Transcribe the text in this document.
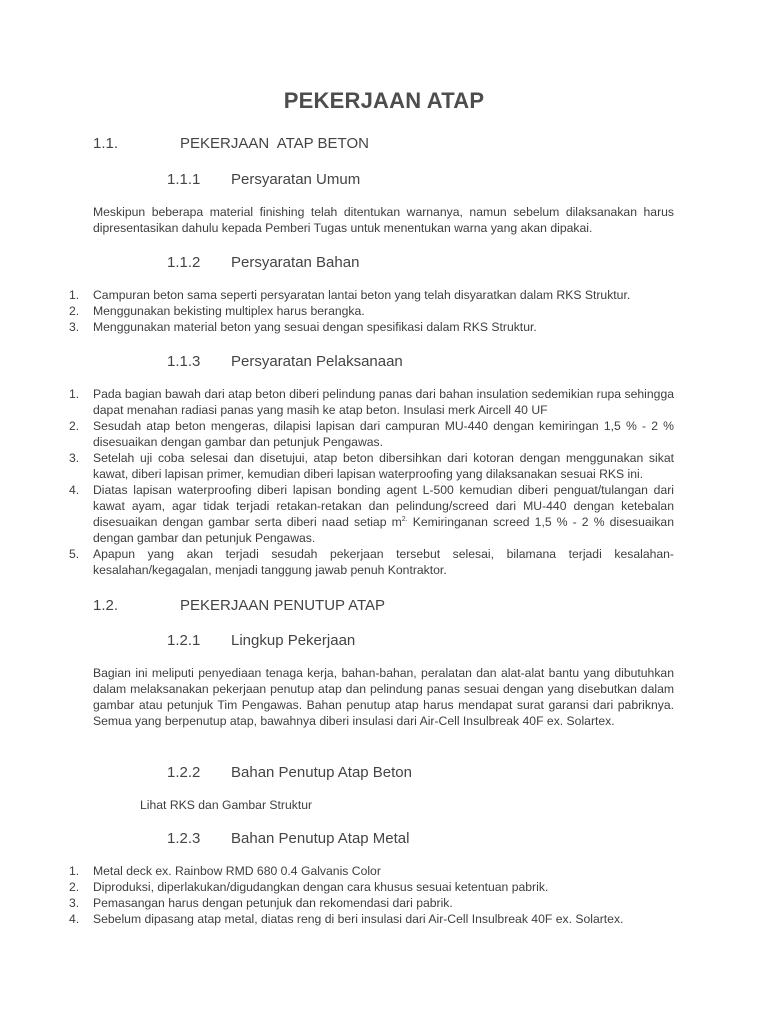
PEKERJAAN ATAP
1.1.	PEKERJAAN  ATAP BETON
1.1.1 Persyaratan Umum
Meskipun beberapa material finishing telah ditentukan warnanya, namun sebelum dilaksanakan harus dipresentasikan dahulu kepada Pemberi Tugas untuk menentukan warna yang akan dipakai.
1.1.2 Persyaratan Bahan
1. Campuran beton sama seperti persyaratan lantai beton yang telah disyaratkan dalam RKS Struktur.
2. Menggunakan bekisting multiplex harus berangka.
3. Menggunakan material beton yang sesuai dengan spesifikasi dalam RKS Struktur.
1.1.3 Persyaratan Pelaksanaan
1. Pada bagian bawah dari atap beton diberi pelindung panas dari bahan insulation sedemikian rupa sehingga dapat menahan radiasi panas yang masih ke atap beton. Insulasi merk Aircell 40 UF
2. Sesudah atap beton mengeras, dilapisi lapisan dari campuran MU-440 dengan kemiringan 1,5 % - 2 % disesuaikan dengan gambar dan petunjuk Pengawas.
3. Setelah uji coba selesai dan disetujui, atap beton dibersihkan dari kotoran dengan menggunakan sikat kawat, diberi lapisan primer, kemudian diberi lapisan waterproofing yang dilaksanakan sesuai RKS ini.
4. Diatas lapisan waterproofing diberi lapisan bonding agent L-500 kemudian diberi penguat/tulangan dari kawat ayam, agar tidak terjadi retakan-retakan dan pelindung/screed dari MU-440 dengan ketebalan disesuaikan dengan gambar serta diberi naad setiap $m^{2.}$ Kemiringanan screed 1,5 % - 2 % disesuaikan dengan gambar dan petunjuk Pengawas.
5. Apapun yang akan terjadi sesudah pekerjaan tersebut selesai, bilamana terjadi kesalahan-kesalahan/kegagalan, menjadi tanggung jawab penuh Kontraktor.
1.2.	PEKERJAAN PENUTUP ATAP
1.2.1 Lingkup Pekerjaan
Bagian ini meliputi penyediaan tenaga kerja, bahan-bahan, peralatan dan alat-alat bantu yang dibutuhkan dalam melaksanakan pekerjaan penutup atap dan pelindung panas sesuai dengan yang disebutkan dalam gambar atau petunjuk Tim Pengawas. Bahan penutup atap harus mendapat surat garansi dari pabriknya. Semua yang berpenutup atap, bawahnya diberi insulasi dari Air-Cell Insulbreak 40F ex. Solartex.
1.2.2 Bahan Penutup Atap Beton
Lihat RKS dan Gambar Struktur
1.2.3 Bahan Penutup Atap Metal
1. Metal deck ex. Rainbow RMD 680 0.4 Galvanis Color
2. Diproduksi, diperlakukan/digudangkan dengan cara khusus sesuai ketentuan pabrik.
3. Pemasangan harus dengan petunjuk dan rekomendasi dari pabrik.
4. Sebelum dipasang atap metal, diatas reng di beri insulasi dari Air-Cell Insulbreak 40F ex. Solartex.
